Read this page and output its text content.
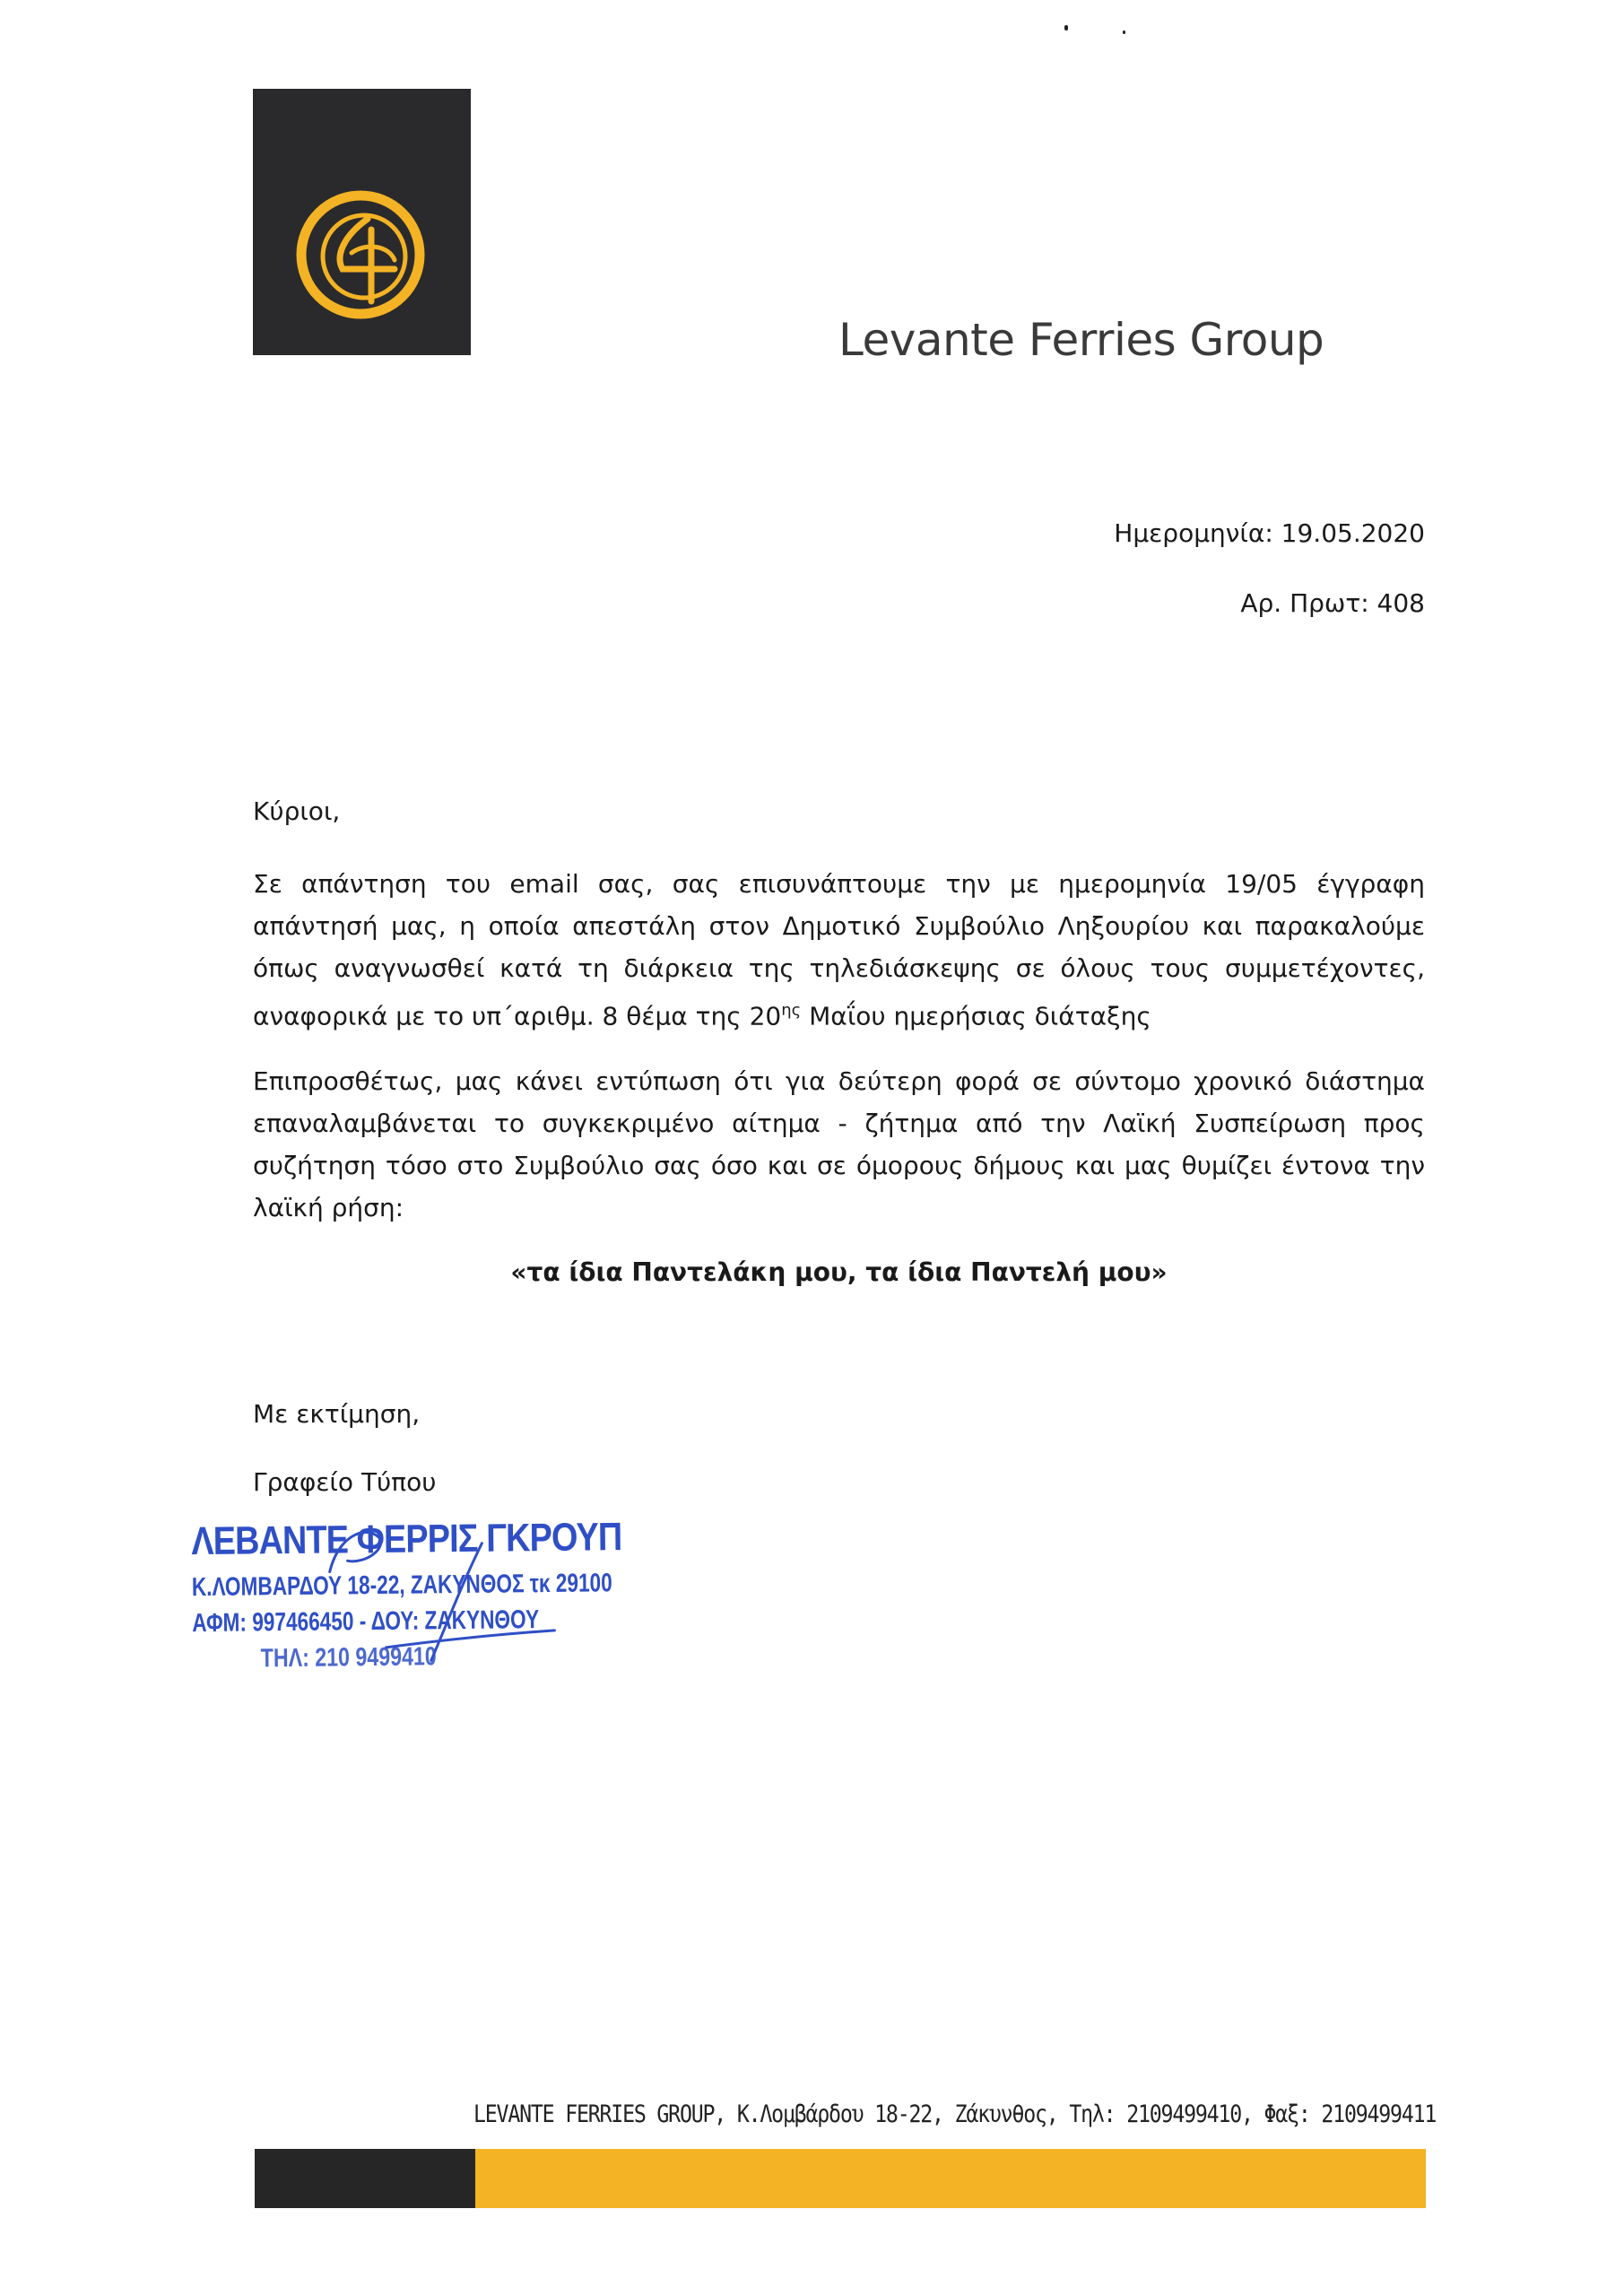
Levante Ferries Group
Ημερομηνία: 19.05.2020
Αρ. Πρωτ: 408
Κύριοι,
Σε απάντηση του email σας, σας επισυνάπτουμε την με ημερομηνία 19/05 έγγραφη απάντησή μας, η οποία απεστάλη στον Δημοτικό Συμβούλιο Ληξουρίου και παρακαλούμε όπως αναγνωσθεί κατά τη διάρκεια της τηλεδιάσκεψης σε όλους τους συμμετέχοντες, αναφορικά με το υπ΄αριθμ. 8 θέμα της $20^{\eta\varsigma}$ Μαΐου ημερήσιας διάταξης
Επιπροσθέτως, μας κάνει εντύπωση ότι για δεύτερη φορά σε σύντομο χρονικό διάστημα επαναλαμβάνεται το συγκεκριμένο αίτημα - ζήτημα από την Λαϊκή Συσπείρωση προς συζήτηση τόσο στο Συμβούλιο σας όσο και σε όμορους δήμους και μας θυμίζει έντονα την λαϊκή ρήση:
«τα ίδια Παντελάκη μου, τα ίδια Παντελή μου»
Με εκτίμηση,
Γραφείο Τύπου
ΛΕΒΑΝΤΕ ΦΕΡΡΙΣ ΓΚΡΟΥΠ
Κ.ΛΟΜΒΑΡΔΟΥ 18-22, ΖΑΚΥΝΘΟΣ τκ 29100
ΑΦΜ: 997466450 - ΔΟΥ: ΖΑΚΥΝΘΟΥ
ΤΗΛ: 210 9499410
LEVANTE FERRIES GROUP, Κ.Λομβάρδου 18-22, Ζάκυνθος, Τηλ: 2109499410, Φαξ: 2109499411
